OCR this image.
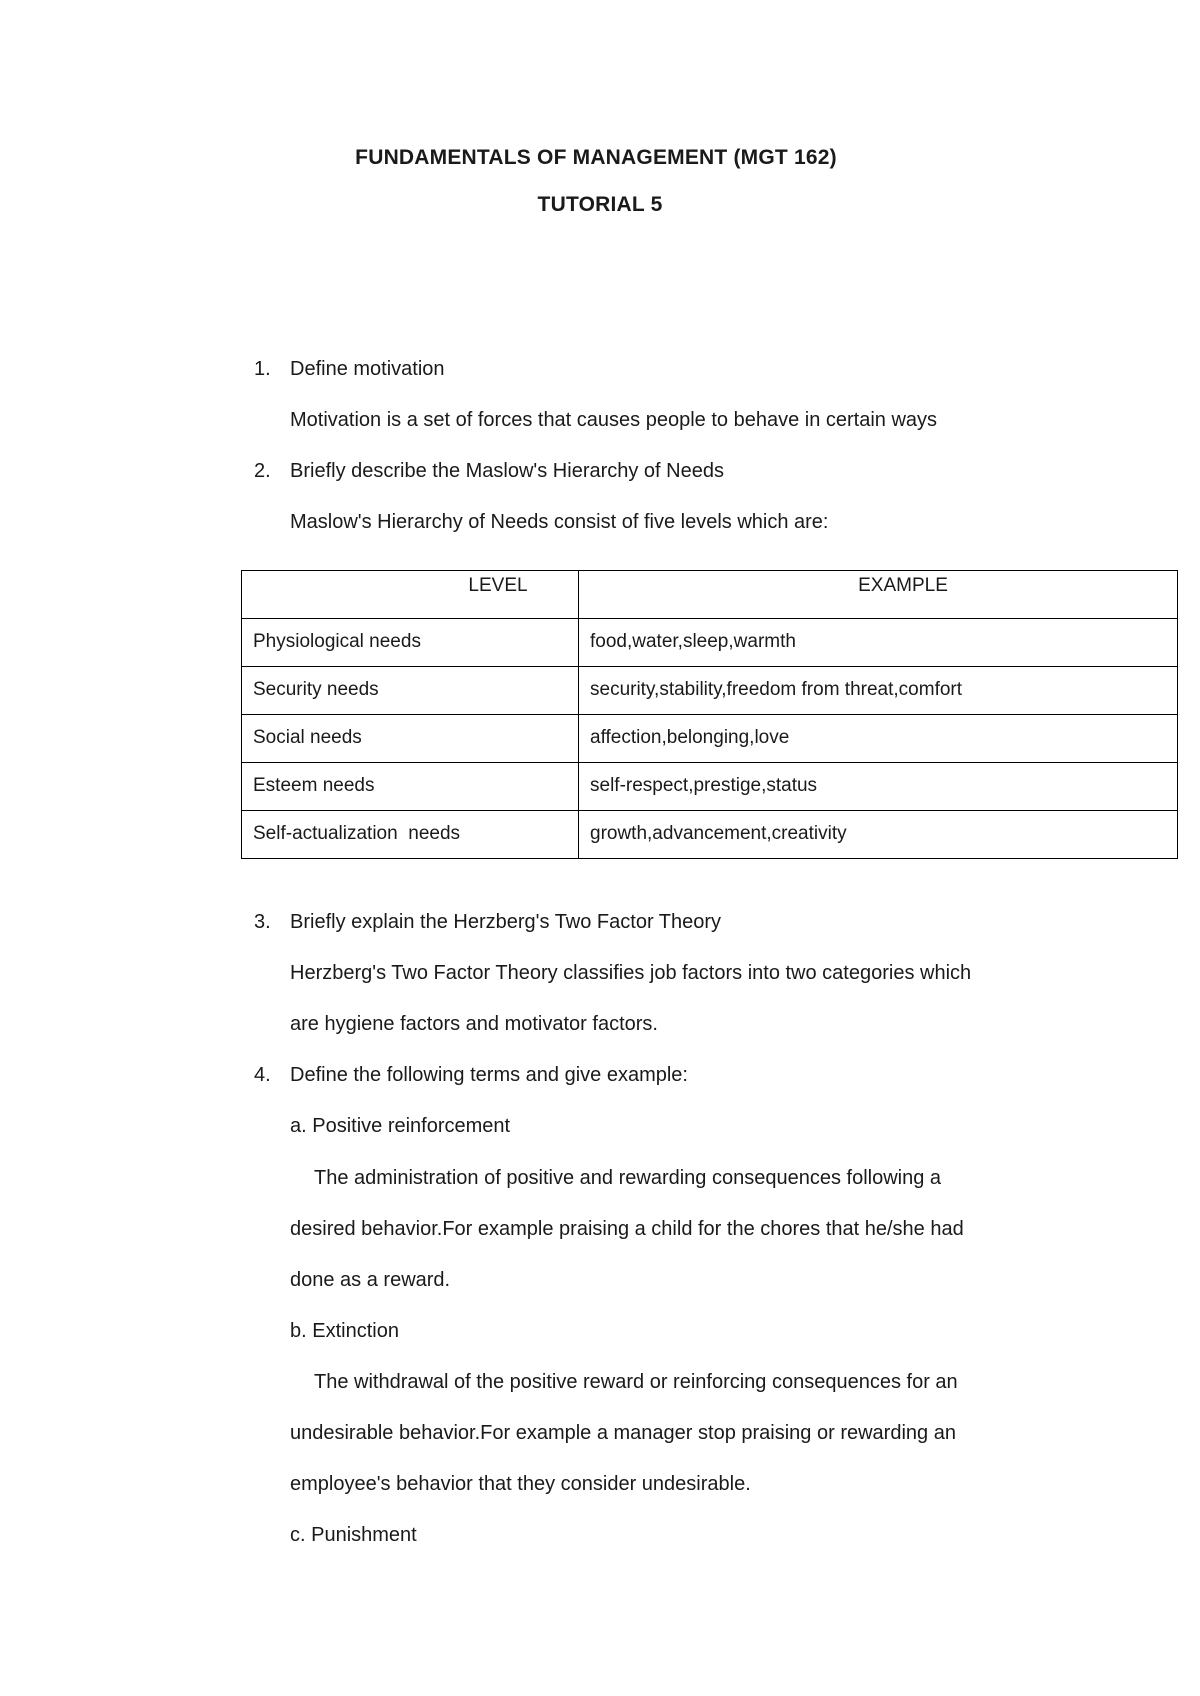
FUNDAMENTALS OF MANAGEMENT (MGT 162)
TUTORIAL 5
1. Define motivation
Motivation is a set of forces that causes people to behave in certain ways
2. Briefly describe the Maslow's Hierarchy of Needs
Maslow's Hierarchy of Needs consist of five levels which are:
LEVEL	EXAMPLE

Physiological needs	food,water,sleep,warmth

Security needs	security,stability,freedom from threat,comfort

Social needs	affection,belonging,love

Esteem needs	self-respect,prestige,status

Self-actualization  needs	growth,advancement,creativity
3. Briefly explain the Herzberg's Two Factor Theory
Herzberg's Two Factor Theory classifies job factors into two categories which
are hygiene factors and motivator factors.
4. Define the following terms and give example:
a. Positive reinforcement
The administration of positive and rewarding consequences following a
desired behavior.For example praising a child for the chores that he/she had
done as a reward.
b. Extinction
The withdrawal of the positive reward or reinforcing consequences for an
undesirable behavior.For example a manager stop praising or rewarding an
employee's behavior that they consider undesirable.
c. Punishment
